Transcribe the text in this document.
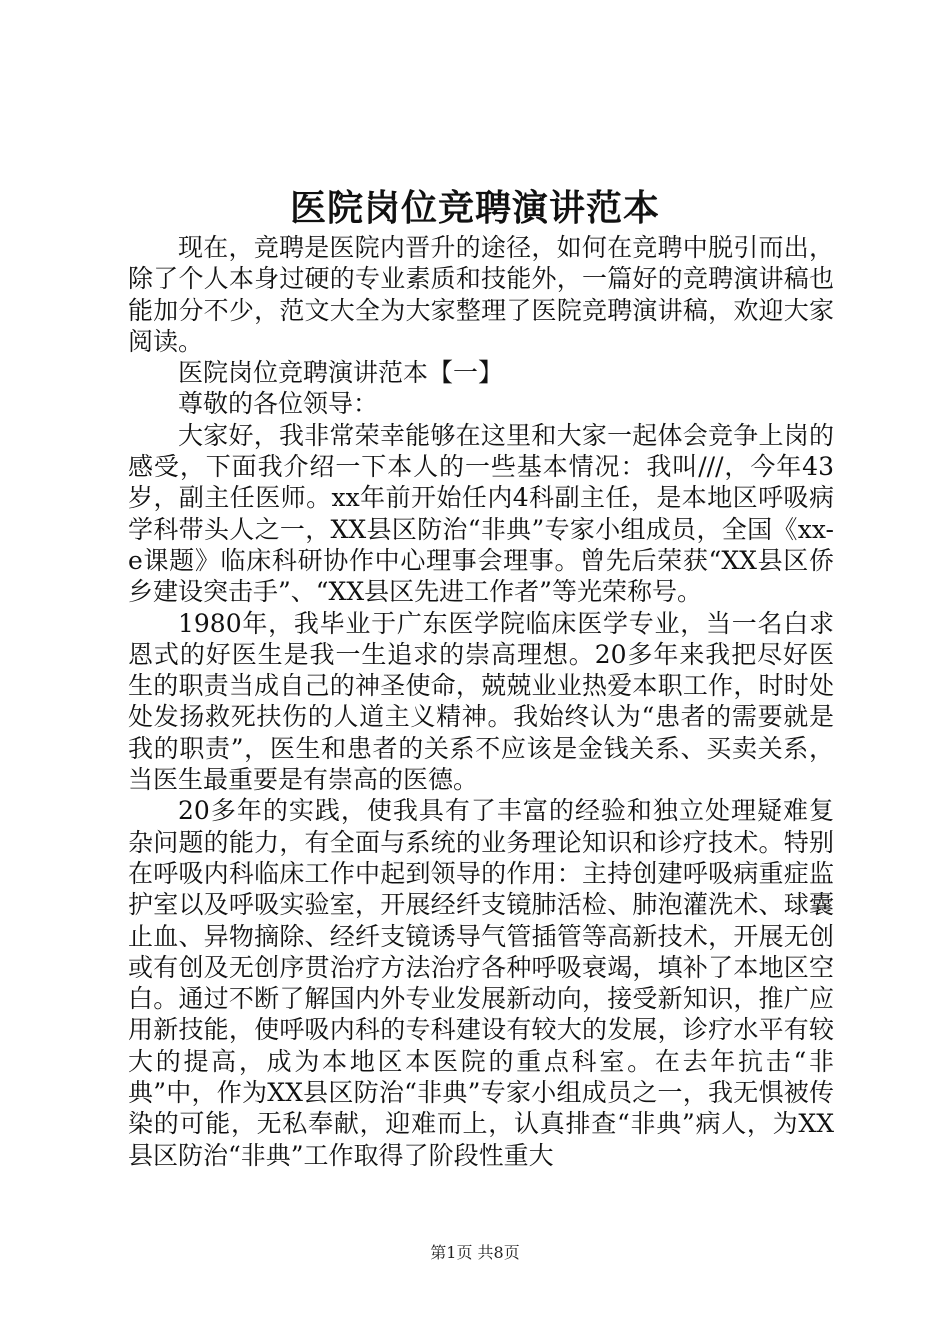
医院岗位竞聘演讲范本

现在，竞聘是医院内晋升的途径，如何在竞聘中脱引而出，除了个人本身过硬的专业素质和技能外，一篇好的竞聘演讲稿也能加分不少，范文大全为大家整理了医院竞聘演讲稿，欢迎大家阅读。

医院岗位竞聘演讲范本【一】

尊敬的各位领导：

大家好，我非常荣幸能够在这里和大家一起体会竞争上岗的感受，下面我介绍一下本人的一些基本情况：我叫///，今年43岁，副主任医师。xx年前开始任内4科副主任，是本地区呼吸病学科带头人之一，XX县区防治“非典”专家小组成员，全国《xx-e课题》临床科研协作中心理事会理事。曾先后荣获“XX县区侨乡建设突击手”、“XX县区先进工作者”等光荣称号。

1980年，我毕业于广东医学院临床医学专业，当一名白求恩式的好医生是我一生追求的崇高理想。20多年来我把尽好医生的职责当成自己的神圣使命，兢兢业业热爱本职工作，时时处处发扬救死扶伤的人道主义精神。我始终认为“患者的需要就是我的职责”，医生和患者的关系不应该是金钱关系、买卖关系，当医生最重要是有崇高的医德。

20多年的实践，使我具有了丰富的经验和独立处理疑难复杂问题的能力，有全面与系统的业务理论知识和诊疗技术。特别在呼吸内科临床工作中起到领导的作用：主持创建呼吸病重症监护室以及呼吸实验室，开展经纤支镜肺活检、肺泡灌洗术、球囊止血、异物摘除、经纤支镜诱导气管插管等高新技术，开展无创或有创及无创序贯治疗方法治疗各种呼吸衰竭，填补了本地区空白。通过不断了解国内外专业发展新动向，接受新知识，推广应用新技能，使呼吸内科的专科建设有较大的发展，诊疗水平有较大的提高，成为本地区本医院的重点科室。在去年抗击“非典”中，作为XX县区防治“非典”专家小组成员之一，我无惧被传染的可能，无私奉献，迎难而上，认真排查“非典”病人，为XX县区防治“非典”工作取得了阶段性重大

第1页 共8页
